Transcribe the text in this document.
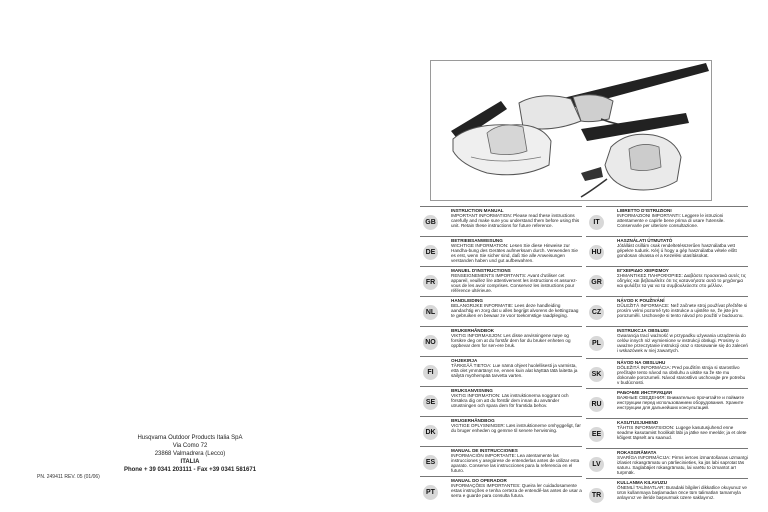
GB
INSTRUCTION MANUAL
IMPORTANT INFORMATION: Please read these instructions carefully and make sure you understand them before using this unit. Retain these instructions for future reference.
DE
BETRIEBSANWEISUNG
WICHTIGE INFORMATION: Lesen Sie diese Hinweise zur Handha-bung des Gerätes aufmerksam durch. Verwenden Sie es erst, wenn Sie sicher sind, daß Sie alle Anweisungen verstanden haben und gut aufbewahren.
FR
MANUEL D'INSTRUCTIONS
RENSEIGNEMENTS IMPORTANTS: Avant d'utiliser cet appareil, veuillez lire attentivement les instructions et assurez-vous de les avoir comprises. Conservez les instructions pour référence ultérieure.
NL
HANDLEIDING
BELANGRIJKE INFORMATIE: Lees deze handleiding aandachtig en zorg dat u alles begrijpt alvorens de kettingzaag te gebruiken en bewaar ze voor toekomstige raadpleging.
NO
BRUKERHÅNDBOK
VIKTIG INFORMASJON: Les disse anvisningene nøye og forsikre deg om at du forstår dem før du bruker enheten og oppbevar dem for sen-ere bruk.
FI
OHJEKIRJA
TÄRKEÄÄ TIETOA: Lue nämä ohjeet huolellisesti ja varmista, että olet ymmärtänyt ne, ennen kuin alat käyttää tätä laitetta ja säilytä myöhempää tarvetta varten.
SE
BRUKSANVISNING
VIKTIG INFORMATION: Läs instruktionerna noggrant och försäkra dig om att du förstår dem innan du använder utrustningen och spara dem för framtida behov.
DK
BRUGERHÅNDBOG
VIGTIGE OPLYSNINGER: Læs instruktionerne omhyggeligt, før du bruger enheden og gemme til senere henvisning.
ES
MANUAL DE INSTRUCCIONES
INFORMACIÓN IMPORTANTE: Lea atentamente las instrucciones y asegúrese de entenderlas antes de utilizar esta aparato. Conserve las instrucciones para la referencia en el futuro.
PT
MANUAL DO OPERADOR
INFORMAÇÕES IMPORTANTES: Queira ler cuidadosamente estas instruções e tenha certeza de entendê-las antes de usar a serra e guarde para consulta futura.
IT
LIBRETTO D'ISTRUZIONI
INFORMAZIONI IMPORTANTI: Leggere le istruzioni attentamente e capirle bene prima di usare l'utensile. Conservarle per ulteriore consultazione.
HU
HASZNÁLATI ÚTMUTATÓ
Jótállást csillám csak rendeltetésszerűen használatba vett gépekre tudunk. Kérj ú hogy a gép használatba vétele előtt gondosan olvassa el a Kezelési utasításokat.
GR
ΕΓΧΕΙΡΙΔΙΟ ΧΕΙΡΙΣΜΟΥ
ΣΗΜΑΝΤΙΚΕΣ ΠΛΗΡΟΦΟΡΙΕΣ: Διαβάστε προσεκτικά αυτές τις οδηγίες και βεβαιωθείτε ότι τις κατανοήσατε αυτά το μηχάνημα και φυλάξτε τα για να τα συμβουλεύεστε στο μέλλον.
CZ
NÁVOD K POUŽIVÁNÍ
DŮLEŽITÁ INFORMACE: Než začnete stroj používat přečtěte si prosím velmi pozorně tyto instrukce a ujistěte se, že jste jim porozuměli. Uschovejte si tento návod pro použití v budoucnu.
PL
INSTRUKCJA OBSŁUGI
Gwarancja trací ważność w przypadku używania urządzenia do celów innych niż wymienione w instrukcji obsługi. Prosimy o uważne przeczytanie instrukcji oraz o stosowanie się do zaleceń i wskazówek w niej zawartych.
SK
NÁVOD NA OBSLUHU
DÔLEŽITÁ INFORMÁCIA: Pred použitím stroja si starostlivo prečítajte tento návod na obsluhu a uistite sa že ste mu dokonale porozumeli. Návod starostlivo uschovajte pre potrebu v budúcnosti.
RU
РАБОЧИЕ ИНСТРУКЦИИ
ВАЖНЫЕ СВЕДЕНИЯ: Внимательно прочитайте и поймите инструкции перед использованием оборудования. Храните инструкции для дальнейших консультаций.
EE
KASUTUSJUHEND
TÄHTIS INFORMATSIOON: Lugege kasutusjuhend enne seadme kasutamist hoolikalt läbi ja jätke see meelde; ja et olete kõigest täpselt aru saanud.
LV
ROKASGRĀMATA
SVARĪGA INFORMĀCIJA: Pirms ierīces izmantošanas uzmanīgi izlasiet rokasgrāmatu un pārliecinieties, ka jūs labi saprotat tās saturu. Saglabājiet rokasgrāmatu, lai varētu to izmantot arī turpmāk.
TR
KULLANMA KILAVUZU
ÖNEMLİ TALİMATLAR: Buradaki bilgileri dikkatlice okuyunuz ve ürün kullanmaya başlamadan önce tüm talimatları tamamıyla anlayınız ve ileride başvurmak üzere saklayınız.
Husqvarna Outdoor Products Italia SpA
Via Como 72
23868 Valmadrera (Lecco)
ITALIA
Phone + 39 0341 203111 - Fax +39 0341 581671
PN. 249411 REV. 05 (01/06)
